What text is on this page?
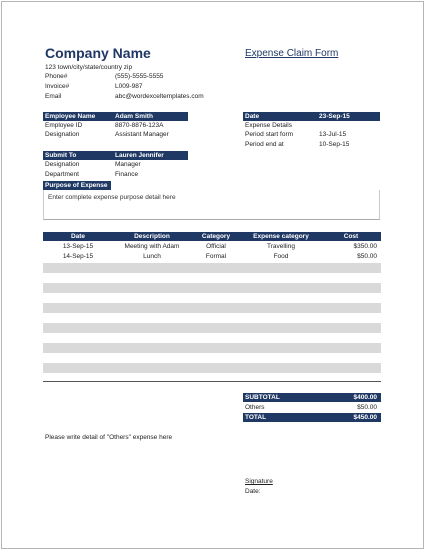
Company Name	Expense Claim Form
123 town/city/state/country zip
Phone#	(555)-5555-5555
Invoice#	L009-987
Email	abc@wordexceltemplates.com
Employee Name	Adam Smith
Employee ID	8870-8876-123A
Designation	Assistant Manager
Date	23-Sep-15
Expense Details
Period start form	13-Jul-15
Period end at	10-Sep-15
Submit To	Lauren Jennifer
Designation	Manager
Department	Finance
Purpose of Expense
Enter complete expense purpose detail here
Date	Description	Category	Expense category	Cost
13-Sep-15	Meeting with Adam	Official	Travelling	$350.00
14-Sep-15	Lunch	Formal	Food	$50.00
SUBTOTAL	$400.00
Others	$50.00
TOTAL	$450.00
Please write detail of "Others" expense here
Signature
Date:
